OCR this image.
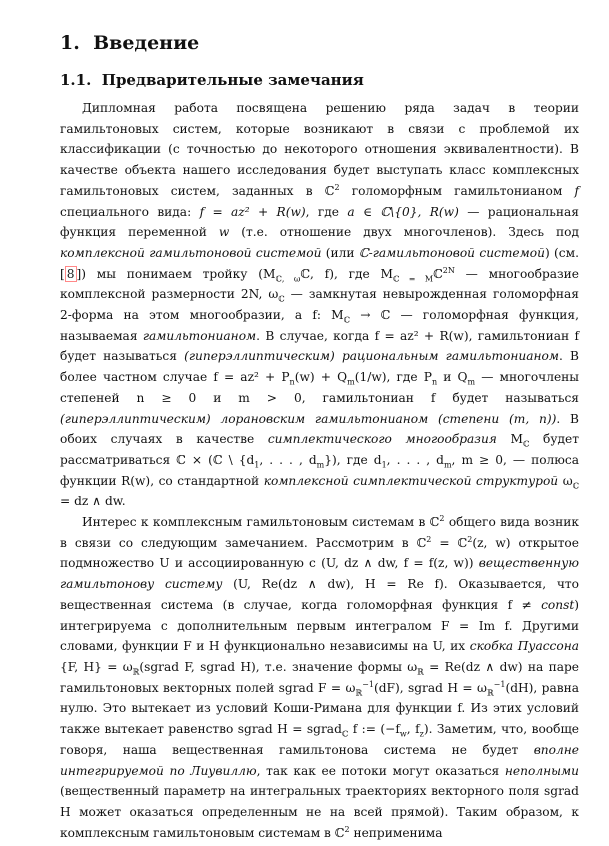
1. Введение
1.1. Предварительные замечания

Дипломная работа посвящена решению ряда задач в теории гамильтоновых систем, которые возникают в связи с проблемой их классификации (с точностью до некоторого отношения эквивалентности). В качестве объекта нашего исследования будет выступать класс комплексных гамильтоновых систем, заданных в ℂ$^2$ голоморфным гамильтонианом f специального вида: f = az² + R(w), где a ∈ ℂ\{0}, R(w) — рациональная функция переменной w (т.е. отношение двух многочленов). Здесь под комплексной гамильтоновой системой (или ℂ-гамильтоновой системой) (см. [ 8 ]) мы понимаем тройку ($M_{ℂ, \omega}ℂ$, f), где $M_{ℂ = M}ℂ^{2N}$ — многообразие комплексной размерности 2N, $\omega_ℂ$ — замкнутая невырожденная голоморфная 2-форма на этом многообразии, а f: $M_ℂ$ → ℂ — голоморфная функция, называемая гамильтонианом. В случае, когда f = az² + R(w), гамильтониан f будет называться (гиперэллиптическим) рациональным гамильтонианом. В более частном случае $f = az^2 + P_n(w) + Q_m(1/w)$, где $P_n$ и $Q_m$ — многочлены степеней n ≥ 0 и m > 0, гамильтониан f будет называться (гиперэллиптическим) лорановским гамильтонианом (степени (m, n)). В обоих случаях в качестве симплектического многообразия $M_ℂ$ будет рассматриваться ℂ × (ℂ \ {$d_1$, . . . , $d_m$}), где $d_1$, . . . , $d_m$, m ≥ 0, — полюса функции R(w), со стандартной комплексной симплектической структурой $\omega_ℂ$ = dz ∧ dw.

Интерес к комплексным гамильтоновым системам в ℂ$^2$ общего вида возник в связи со следующим замечанием. Рассмотрим в ℂ$^2$ = ℂ$^2$(z, w) открытое подмножество U и ассоциированную с (U, dz ∧ dw, f = f(z, w)) вещественную гамильтонову систему (U, Re(dz ∧ dw), H = Re f). Оказывается, что вещественная система (в случае, когда голоморфная функция f ≠ const) интегрируема с дополнительным первым интегралом F = Im f. Другими словами, функции F и H функционально независимы на U, их скобка Пуассона {F, $H\} = \omega_ℝ(sgrad$ F, sgrad H), т.е. значение формы $\omega_ℝ = Re(dz$ ∧ dw) на паре гамильтоновых векторных полей sgrad $F = \omega_ℝ^{-1}(dF)$, sgrad $H = \omega_ℝ^{-1}(dH)$, равна нулю. Это вытекает из условий Коши-Римана для функции f. Из этих условий также вытекает равенство sgrad H = sgrad$_ℂ$ f := ($-f_w$, $f_z$). Заметим, что, вообще говоря, наша вещественная гамильтонова система не будет вполне интегрируемой по Лиувиллю, так как ее потоки могут оказаться неполными (вещественный параметр на интегральных траекториях векторного поля sgrad H может оказаться определенным не на всей прямой). Таким образом, к комплексным гамильтоновым системам в ℂ$^2$ неприменима
